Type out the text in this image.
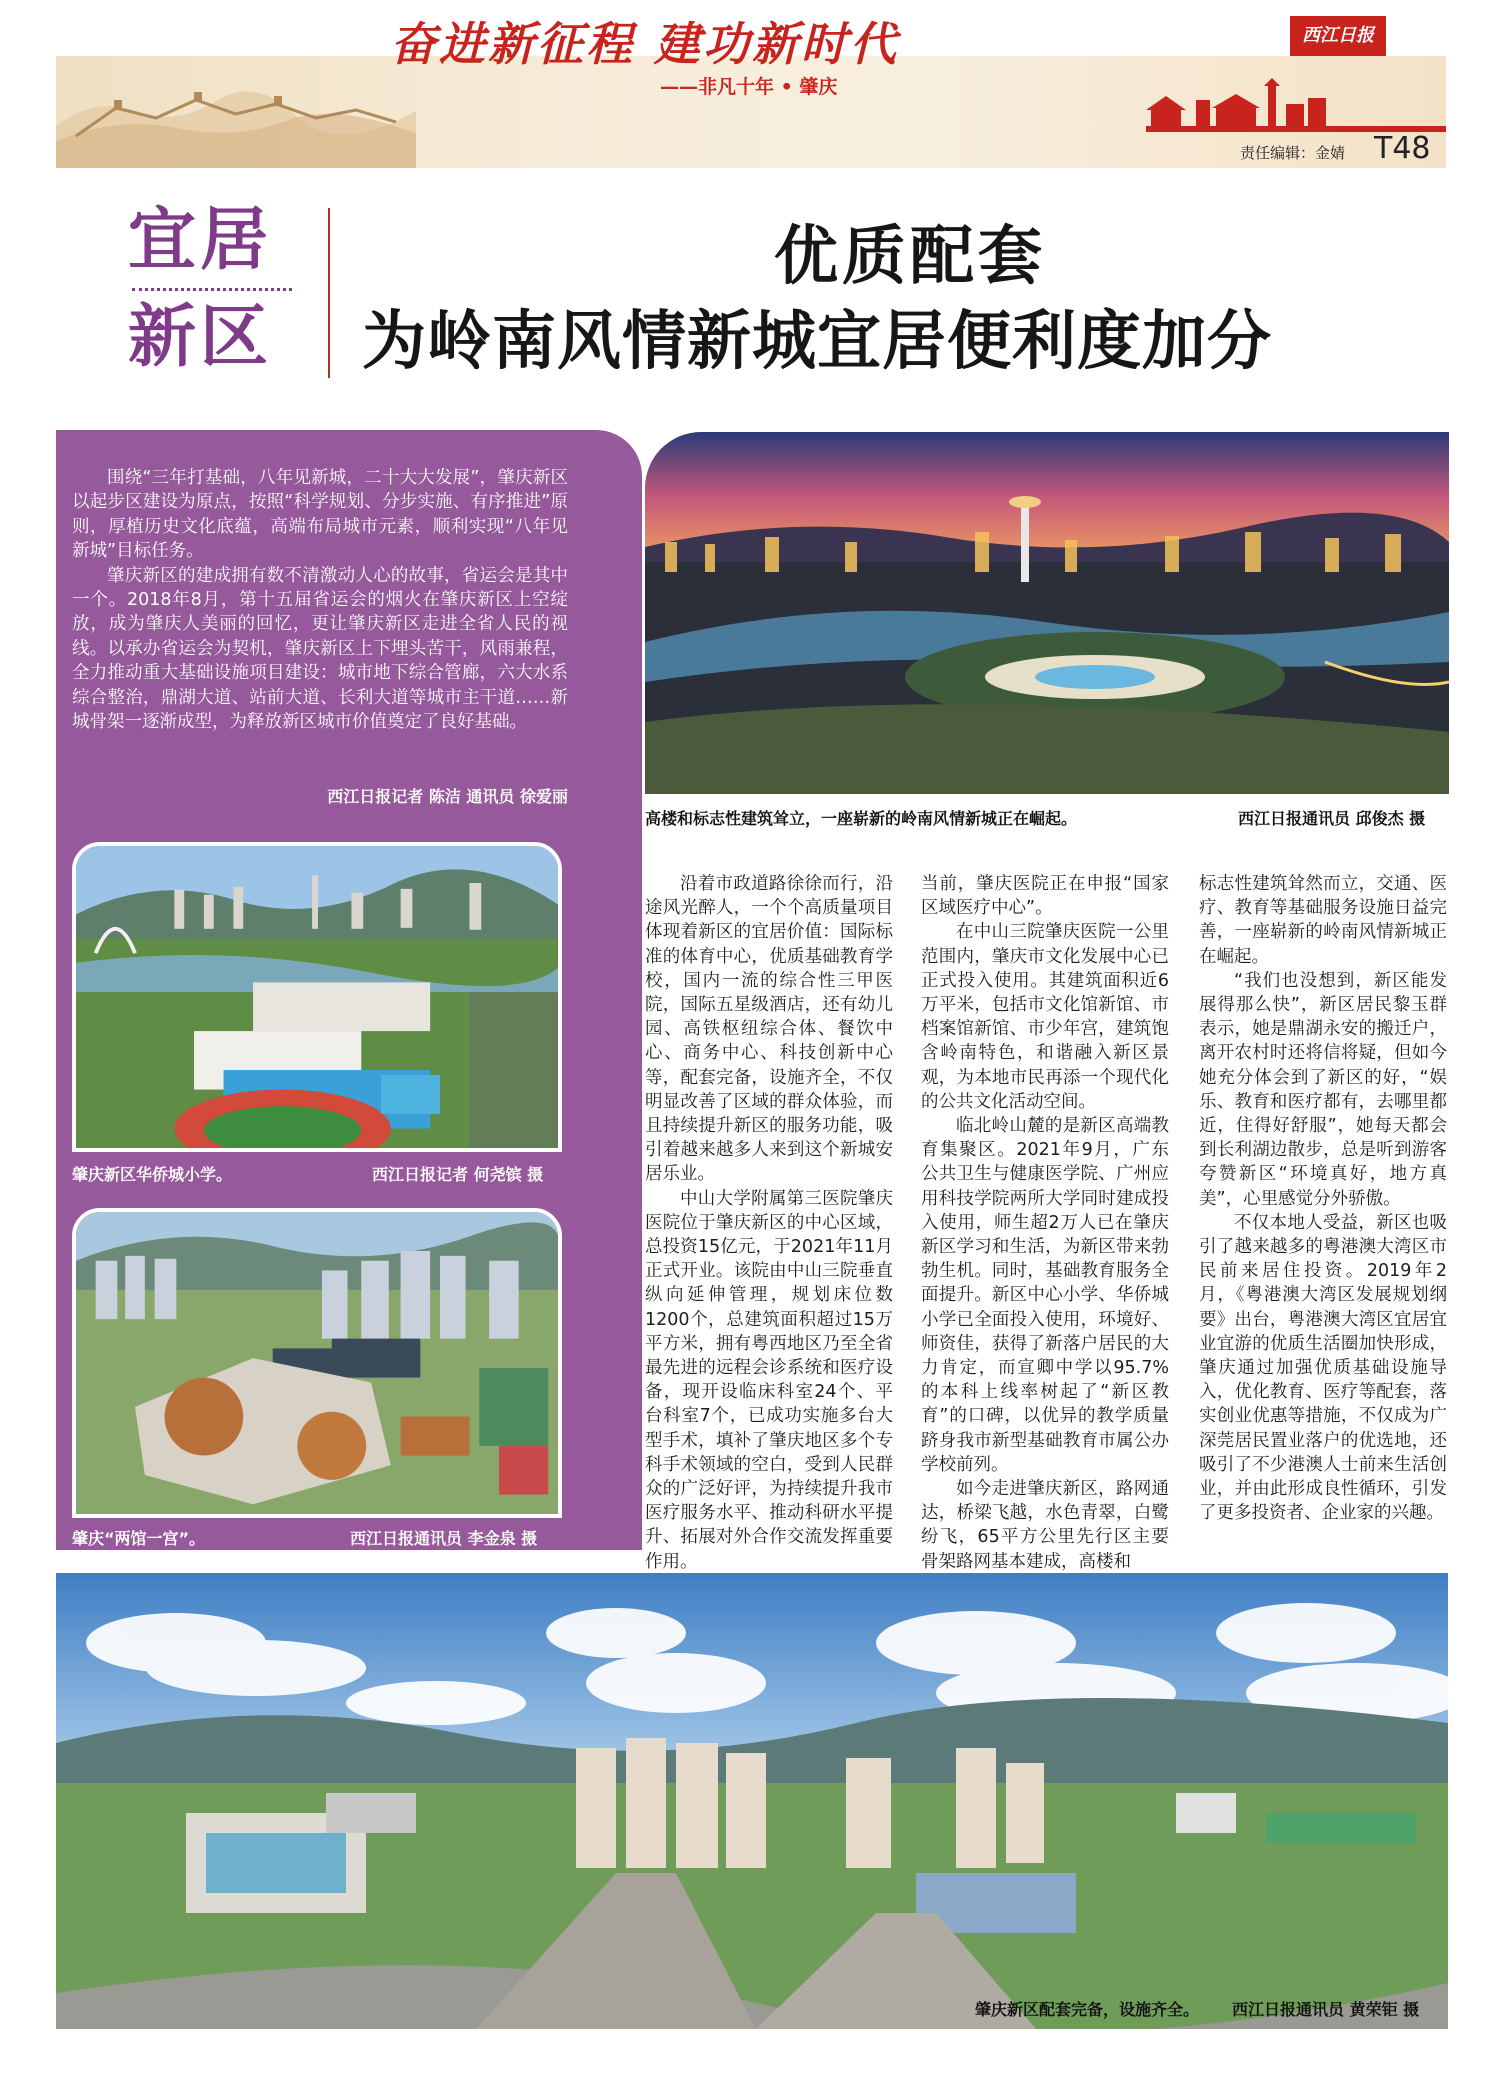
奋进新征程 建功新时代
——非凡十年 • 肇庆
西江日报
责任编辑：金婧 T48
宜居
新区
优质配套
为岭南风情新城宜居便利度加分

围绕“三年打基础，八年见新城，二十大大发展”，肇庆新区以起步区建设为原点，按照“科学规划、分步实施、有序推进”原则，厚植历史文化底蕴，高端布局城市元素，顺利实现“八年见新城”目标任务。

肇庆新区的建成拥有数不清激动人心的故事，省运会是其中一个。2018年8月，第十五届省运会的烟火在肇庆新区上空绽放，成为肇庆人美丽的回忆，更让肇庆新区走进全省人民的视线。以承办省运会为契机，肇庆新区上下埋头苦干，风雨兼程，全力推动重大基础设施项目建设：城市地下综合管廊，六大水系综合整治，鼎湖大道、站前大道、长利大道等城市主干道……新城骨架一逐渐成型，为释放新区城市价值奠定了良好基础。

西江日报记者 陈洁 通讯员 徐爱丽
肇庆新区华侨城小学。	西江日报记者 何尧镔 摄
肇庆“两馆一宫”。	西江日报通讯员 李金泉 摄
高楼和标志性建筑耸立，一座崭新的岭南风情新城正在崛起。	西江日报通讯员 邱俊杰 摄

沿着市政道路徐徐而行，沿途风光醉人，一个个高质量项目体现着新区的宜居价值：国际标准的体育中心，优质基础教育学校，国内一流的综合性三甲医院，国际五星级酒店，还有幼儿园、高铁枢纽综合体、餐饮中心、商务中心、科技创新中心等，配套完备，设施齐全，不仅明显改善了区域的群众体验，而且持续提升新区的服务功能，吸引着越来越多人来到这个新城安居乐业。

中山大学附属第三医院肇庆医院位于肇庆新区的中心区域，总投资15亿元，于2021年11月正式开业。该院由中山三院垂直纵向延伸管理，规划床位数1200个，总建筑面积超过15万平方米，拥有粤西地区乃至全省最先进的远程会诊系统和医疗设备，现开设临床科室24个、平台科室7个，已成功实施多台大型手术，填补了肇庆地区多个专科手术领域的空白，受到人民群众的广泛好评，为持续提升我市医疗服务水平、推动科研水平提升、拓展对外合作交流发挥重要作用。

当前，肇庆医院正在申报“国家区域医疗中心”。

在中山三院肇庆医院一公里范围内，肇庆市文化发展中心已正式投入使用。其建筑面积近6万平米，包括市文化馆新馆、市档案馆新馆、市少年宫，建筑饱含岭南特色，和谐融入新区景观，为本地市民再添一个现代化的公共文化活动空间。

临北岭山麓的是新区高端教育集聚区。2021年9月，广东公共卫生与健康医学院、广州应用科技学院两所大学同时建成投入使用，师生超2万人已在肇庆新区学习和生活，为新区带来勃勃生机。同时，基础教育服务全面提升。新区中心小学、华侨城小学已全面投入使用，环境好、师资佳，获得了新落户居民的大力肯定，而宣卿中学以95.7%的本科上线率树起了“新区教育”的口碑，以优异的教学质量跻身我市新型基础教育市属公办学校前列。

如今走进肇庆新区，路网通达，桥梁飞越，水色青翠，白鹭纷飞，65平方公里先行区主要骨架路网基本建成，高楼和

标志性建筑耸然而立，交通、医疗、教育等基础服务设施日益完善，一座崭新的岭南风情新城正在崛起。

“我们也没想到，新区能发展得那么快”，新区居民黎玉群表示，她是鼎湖永安的搬迁户，离开农村时还将信将疑，但如今她充分体会到了新区的好，“娱乐、教育和医疗都有，去哪里都近，住得好舒服”，她每天都会到长利湖边散步，总是听到游客夸赞新区“环境真好，地方真美”，心里感觉分外骄傲。

不仅本地人受益，新区也吸引了越来越多的粤港澳大湾区市民前来居住投资。2019年2月，《粤港澳大湾区发展规划纲要》出台，粤港澳大湾区宜居宜业宜游的优质生活圈加快形成，肇庆通过加强优质基础设施导入，优化教育、医疗等配套，落实创业优惠等措施，不仅成为广深莞居民置业落户的优选地，还吸引了不少港澳人士前来生活创业，并由此形成良性循环，引发了更多投资者、企业家的兴趣。

肇庆新区配套完备，设施齐全。 西江日报通讯员 黄荣钜 摄
